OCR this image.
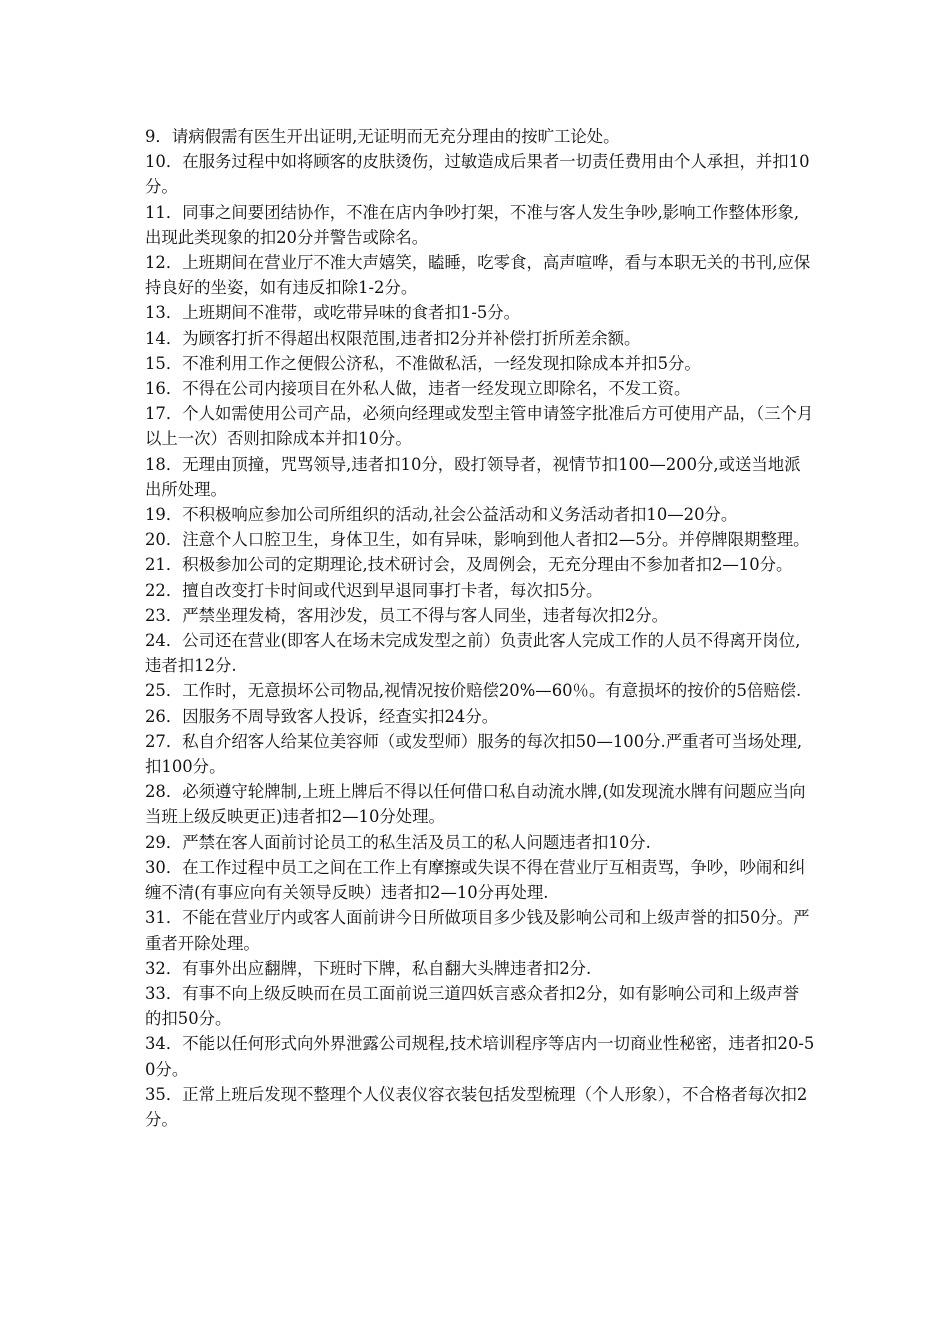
9．请病假需有医生开出证明,无证明而无充分理由的按旷工论处。

10．在服务过程中如将顾客的皮肤烫伤，过敏造成后果者一切责任费用由个人承担，并扣10分。

11．同事之间要团结协作，不准在店内争吵打架，不准与客人发生争吵,影响工作整体形象,出现此类现象的扣20分并警告或除名。

12．上班期间在营业厅不准大声嬉笑，瞌睡，吃零食，高声喧哗，看与本职无关的书刊,应保持良好的坐姿，如有违反扣除1-2分。

13．上班期间不准带，或吃带异味的食者扣1-5分。

14．为顾客打折不得超出权限范围,违者扣2分并补偿打折所差余额。

15．不准利用工作之便假公济私，不准做私活，一经发现扣除成本并扣5分。

16．不得在公司内接项目在外私人做，违者一经发现立即除名，不发工资。

17．个人如需使用公司产品，必须向经理或发型主管申请签字批准后方可使用产品，（三个月以上一次）否则扣除成本并扣10分。

18．无理由顶撞，咒骂领导,违者扣10分，殴打领导者，视情节扣100—200分,或送当地派出所处理。

19．不积极响应参加公司所组织的活动,社会公益活动和义务活动者扣10—20分。

20．注意个人口腔卫生，身体卫生，如有异味，影响到他人者扣2—5分。并停牌限期整理。

21．积极参加公司的定期理论,技术研讨会，及周例会，无充分理由不参加者扣2—10分。

22．擅自改变打卡时间或代迟到早退同事打卡者，每次扣5分。

23．严禁坐理发椅，客用沙发，员工不得与客人同坐，违者每次扣2分。

24．公司还在营业(即客人在场未完成发型之前）负责此客人完成工作的人员不得离开岗位,违者扣12分.

25．工作时，无意损坏公司物品,视情况按价赔偿20%—60％。有意损坏的按价的5倍赔偿.

26．因服务不周导致客人投诉，经查实扣24分。

27．私自介绍客人给某位美容师（或发型师）服务的每次扣50—100分.严重者可当场处理,扣100分。

28．必须遵守轮牌制,上班上牌后不得以任何借口私自动流水牌,(如发现流水牌有问题应当向当班上级反映更正)违者扣2—10分处理。

29．严禁在客人面前讨论员工的私生活及员工的私人问题违者扣10分.

30．在工作过程中员工之间在工作上有摩擦或失误不得在营业厅互相责骂，争吵，吵闹和纠缠不清(有事应向有关领导反映）违者扣2—10分再处理.

31．不能在营业厅内或客人面前讲今日所做项目多少钱及影响公司和上级声誉的扣50分。严重者开除处理。

32．有事外出应翻牌，下班时下牌，私自翻大头牌违者扣2分.

33．有事不向上级反映而在员工面前说三道四妖言惑众者扣2分，如有影响公司和上级声誉的扣50分。

34．不能以任何形式向外界泄露公司规程,技术培训程序等店内一切商业性秘密，违者扣20-50分。

35．正常上班后发现不整理个人仪表仪容衣装包括发型梳理（个人形象），不合格者每次扣2分。
